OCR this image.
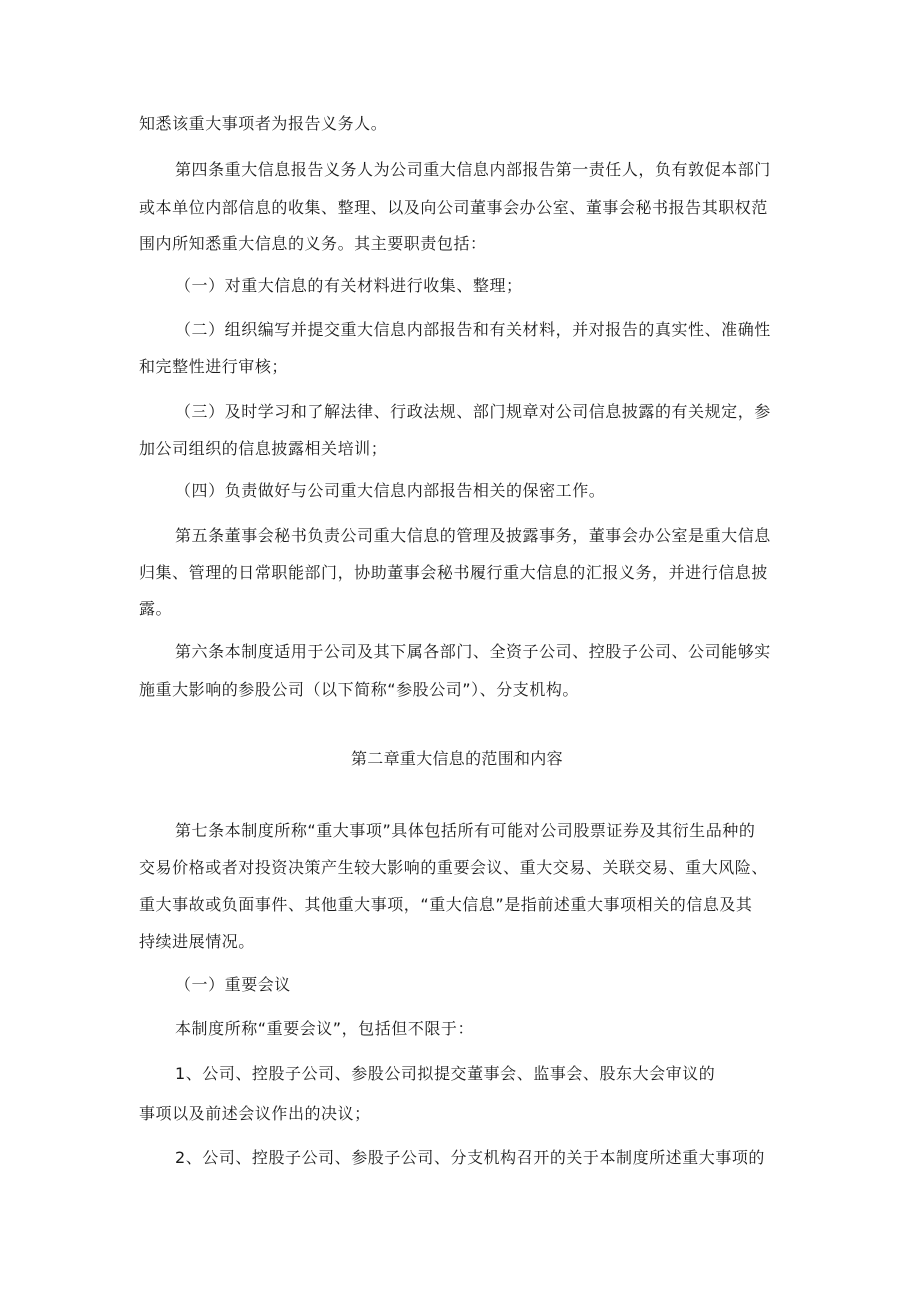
知悉该重大事项者为报告义务人。
第四条重大信息报告义务人为公司重大信息内部报告第一责任人，负有敦促本部门
或本单位内部信息的收集、整理、以及向公司董事会办公室、董事会秘书报告其职权范
围内所知悉重大信息的义务。其主要职责包括：
（一）对重大信息的有关材料进行收集、整理；
（二）组织编写并提交重大信息内部报告和有关材料，并对报告的真实性、准确性
和完整性进行审核；
（三）及时学习和了解法律、行政法规、部门规章对公司信息披露的有关规定，参
加公司组织的信息披露相关培训；
（四）负责做好与公司重大信息内部报告相关的保密工作。
第五条董事会秘书负责公司重大信息的管理及披露事务，董事会办公室是重大信息
归集、管理的日常职能部门，协助董事会秘书履行重大信息的汇报义务，并进行信息披
露。
第六条本制度适用于公司及其下属各部门、全资子公司、控股子公司、公司能够实
施重大影响的参股公司（以下简称“参股公司”）、分支机构。
第二章重大信息的范围和内容
第七条本制度所称“重大事项”具体包括所有可能对公司股票证券及其衍生品种的
交易价格或者对投资决策产生较大影响的重要会议、重大交易、关联交易、重大风险、
重大事故或负面事件、其他重大事项，“重大信息”是指前述重大事项相关的信息及其
持续进展情况。
（一）重要会议
本制度所称“重要会议”，包括但不限于：
1、公司、控股子公司、参股公司拟提交董事会、监事会、股东大会审议的
事项以及前述会议作出的决议；
2、公司、控股子公司、参股子公司、分支机构召开的关于本制度所述重大事项的
